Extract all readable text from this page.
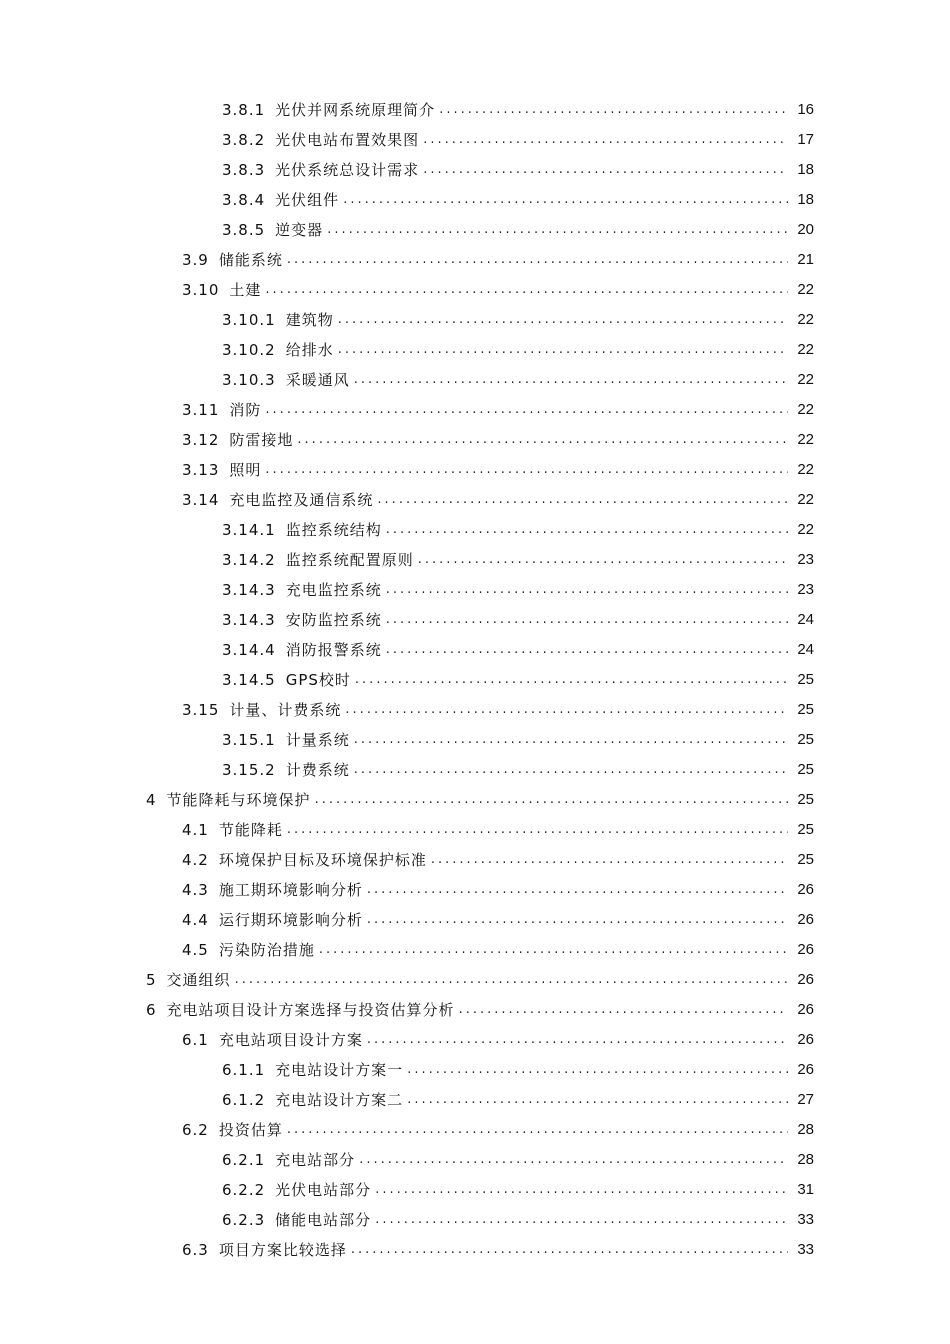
3.8.1 光伏并网系统原理简介 .....	16
3.8.2 光伏电站布置效果图 .....	17
3.8.3 光伏系统总设计需求 .....	18
3.8.4 光伏组件 .....	18
3.8.5 逆变器 .....	20
3.9 储能系统 .....	21
3.10 土建 .....	22
3.10.1 建筑物 .....	22
3.10.2 给排水 .....	22
3.10.3 采暖通风 .....	22
3.11 消防 .....	22
3.12 防雷接地 .....	22
3.13 照明 .....	22
3.14 充电监控及通信系统 .....	22
3.14.1 监控系统结构 .....	22
3.14.2 监控系统配置原则 .....	23
3.14.3 充电监控系统 .....	23
3.14.3 安防监控系统 .....	24
3.14.4 消防报警系统 .....	24
3.14.5 GPS校时 .....	25
3.15 计量、计费系统 .....	25
3.15.1 计量系统 .....	25
3.15.2 计费系统 .....	25
4 节能降耗与环境保护 .....	25
4.1 节能降耗 .....	25
4.2 环境保护目标及环境保护标准 .....	25
4.3 施工期环境影响分析 .....	26
4.4 运行期环境影响分析 .....	26
4.5 污染防治措施 .....	26
5 交通组织 .....	26
6 充电站项目设计方案选择与投资估算分析 .....	26
6.1 充电站项目设计方案 .....	26
6.1.1 充电站设计方案一 .....	26
6.1.2 充电站设计方案二 .....	27
6.2 投资估算 .....	28
6.2.1 充电站部分 .....	28
6.2.2 光伏电站部分 .....	31
6.2.3 储能电站部分 .....	33
6.3 项目方案比较选择 .....	33
